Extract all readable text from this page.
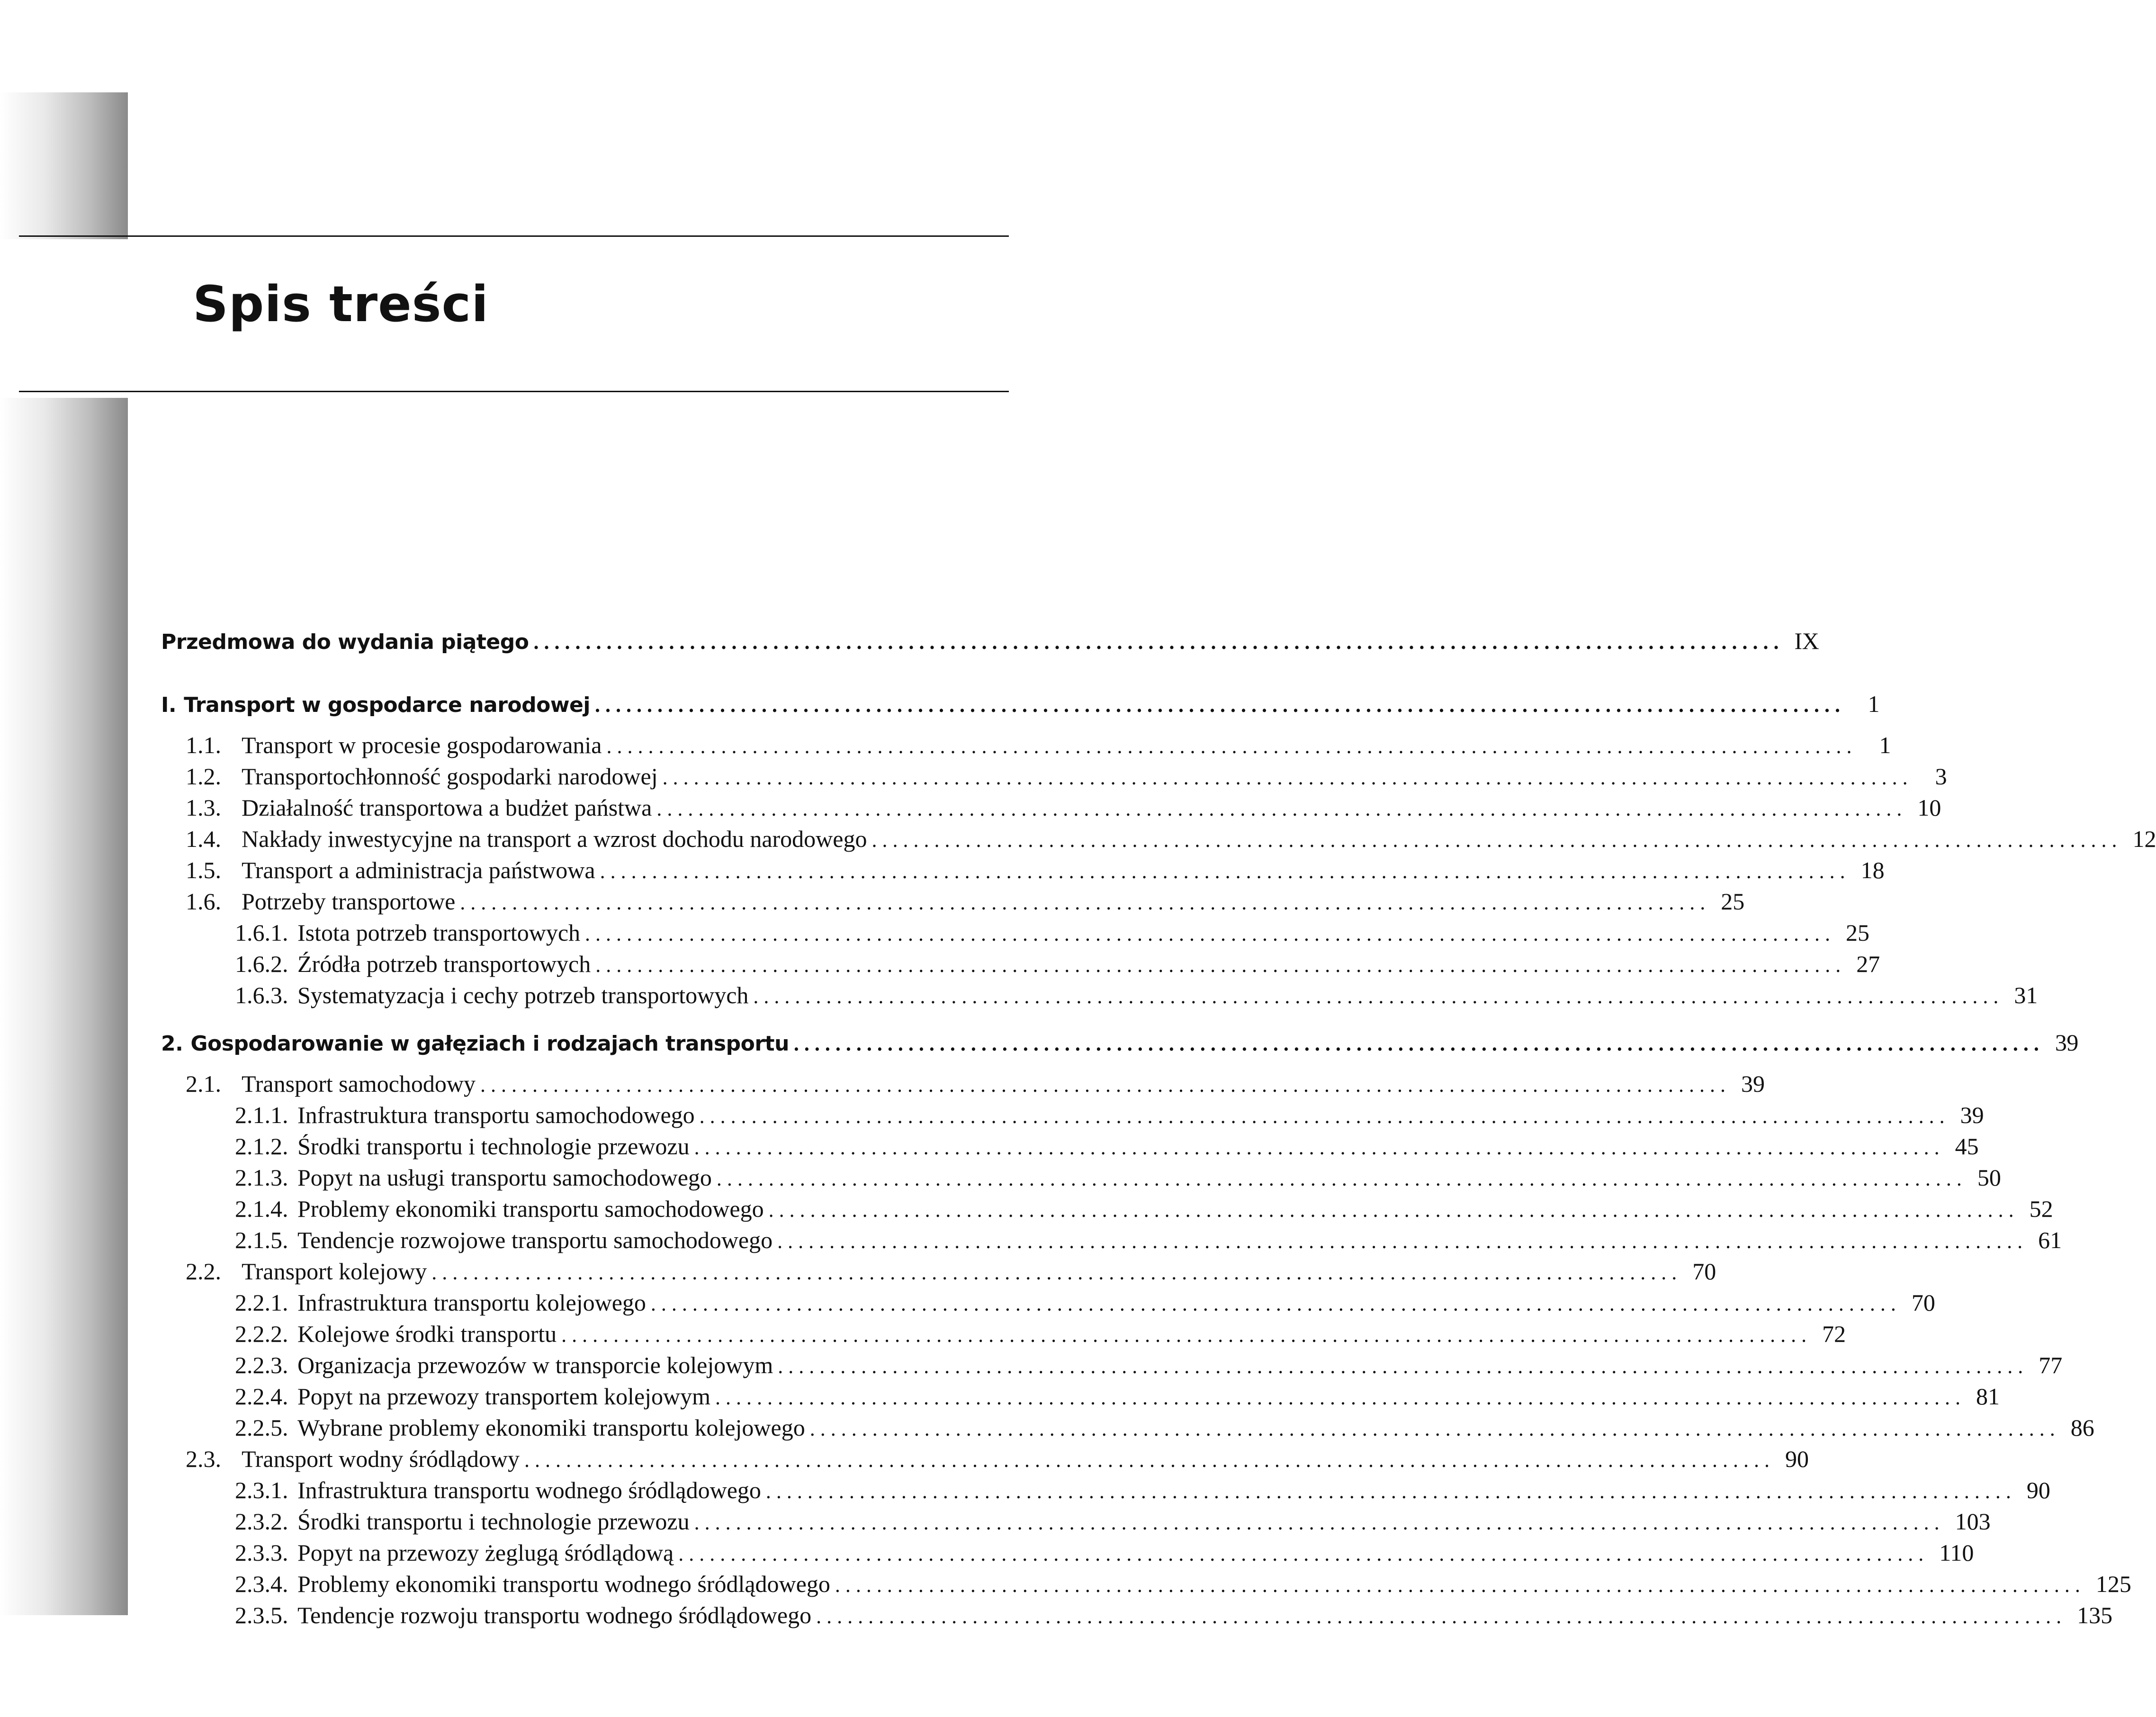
Spis treści
Przedmowa do wydania piątego ........................................................................................................................ IX
I. Transport w gospodarce narodowej ........................................................................................................................ 1
1.1. Transport w procesie gospodarowania ........................................................................................................................ 1
1.2. Transportochłonność gospodarki narodowej ........................................................................................................................ 3
1.3. Działalność transportowa a budżet państwa ........................................................................................................................ 10
1.4. Nakłady inwestycyjne na transport a wzrost dochodu narodowego ........................................................................................................................ 12
1.5. Transport a administracja państwowa ........................................................................................................................ 18
1.6. Potrzeby transportowe ........................................................................................................................ 25
1.6.1. Istota potrzeb transportowych ........................................................................................................................ 25
1.6.2. Źródła potrzeb transportowych ........................................................................................................................ 27
1.6.3. Systematyzacja i cechy potrzeb transportowych ........................................................................................................................ 31
2. Gospodarowanie w gałęziach i rodzajach transportu ........................................................................................................................ 39
2.1. Transport samochodowy ........................................................................................................................ 39
2.1.1. Infrastruktura transportu samochodowego ........................................................................................................................ 39
2.1.2. Środki transportu i technologie przewozu ........................................................................................................................ 45
2.1.3. Popyt na usługi transportu samochodowego ........................................................................................................................ 50
2.1.4. Problemy ekonomiki transportu samochodowego ........................................................................................................................ 52
2.1.5. Tendencje rozwojowe transportu samochodowego ........................................................................................................................ 61
2.2. Transport kolejowy ........................................................................................................................ 70
2.2.1. Infrastruktura transportu kolejowego ........................................................................................................................ 70
2.2.2. Kolejowe środki transportu ........................................................................................................................ 72
2.2.3. Organizacja przewozów w transporcie kolejowym ........................................................................................................................ 77
2.2.4. Popyt na przewozy transportem kolejowym ........................................................................................................................ 81
2.2.5. Wybrane problemy ekonomiki transportu kolejowego ........................................................................................................................ 86
2.3. Transport wodny śródlądowy ........................................................................................................................ 90
2.3.1. Infrastruktura transportu wodnego śródlądowego ........................................................................................................................ 90
2.3.2. Środki transportu i technologie przewozu ........................................................................................................................ 103
2.3.3. Popyt na przewozy żeglugą śródlądową ........................................................................................................................ 110
2.3.4. Problemy ekonomiki transportu wodnego śródlądowego ........................................................................................................................ 125
2.3.5. Tendencje rozwoju transportu wodnego śródlądowego ........................................................................................................................ 135
